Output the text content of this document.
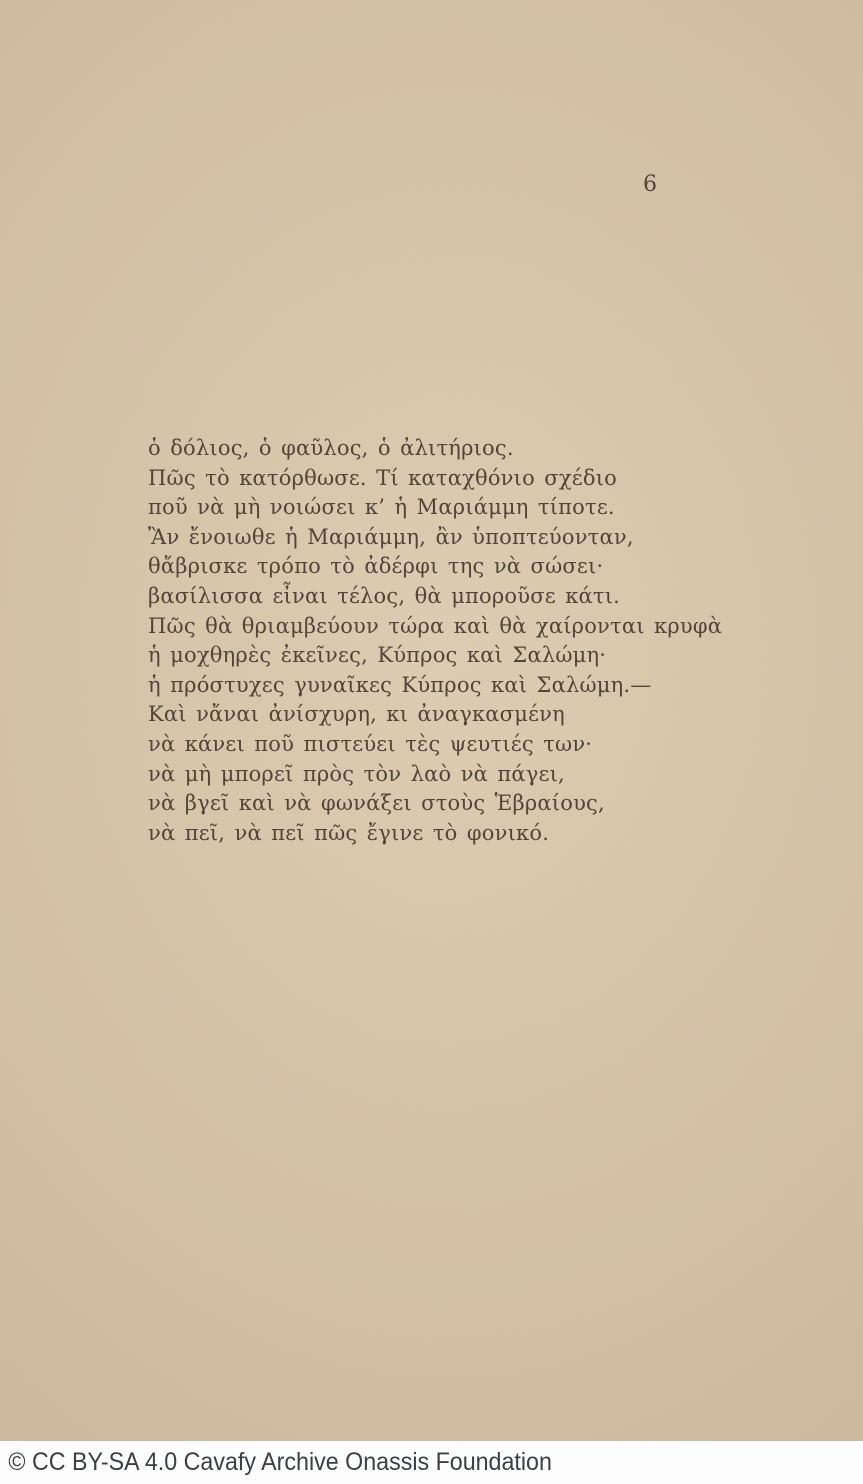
6
ὁ δόλιος, ὁ φαῦλος, ὁ ἀλιτήριος.
Πῶς τὸ κατόρθωσε. Τί καταχθόνιο σχέδιο
ποῦ νὰ μὴ νοιώσει κ’ ἡ Μαριάμμη τίποτε.
Ἂν ἔνοιωθε ἡ Μαριάμμη, ἂν ὑποπτεύονταν,
θἄβρισκε τρόπο τὸ ἀδέρφι της νὰ σώσει·
βασίλισσα εἶναι τέλος, θὰ μποροῦσε κάτι.
Πῶς θὰ θριαμβεύουν τώρα καὶ θὰ χαίρονται κρυφὰ
ἡ μοχθηρὲς ἐκεῖνες, Κύπρος καὶ Σαλώμη·
ἡ πρόστυχες γυναῖκες Κύπρος καὶ Σαλώμη.—
Καὶ νἄναι ἀνίσχυρη, κι ἀναγκασμένη
νὰ κάνει ποῦ πιστεύει τὲς ψευτιές των·
νὰ μὴ μπορεῖ πρὸς τὸν λαὸ νὰ πάγει,
νὰ βγεῖ καὶ νὰ φωνάξει στοὺς Ἑβραίους,
νὰ πεῖ, νὰ πεῖ πῶς ἔγινε τὸ φονικό.
© CC BY-SA 4.0 Cavafy Archive Onassis Foundation
